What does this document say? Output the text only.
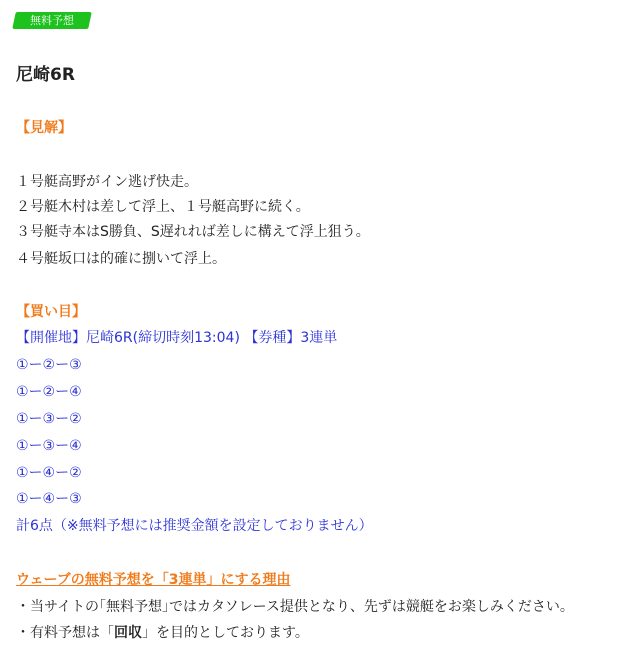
無料予想
尼崎6R
【見解】
１号艇高野がイン逃げ快走。
２号艇木村は差して浮上、１号艇高野に続く。
３号艇寺本はS勝負、S遅れれば差しに構えて浮上狙う。
４号艇坂口は的確に捌いて浮上。
【買い目】
【開催地】尼崎6R(締切時刻13:04) 【券種】3連単
①ー②ー③
①ー②ー④
①ー③ー②
①ー③ー④
①ー④ー②
①ー④ー③
計6点（※無料予想には推奨金額を設定しておりません）
ウェーブの無料予想を「3連単」にする理由
・当サイトの｢無料予想｣ではカタソレース提供となり、先ずは競艇をお楽しみください。
・有料予想は「回収」を目的としております。
